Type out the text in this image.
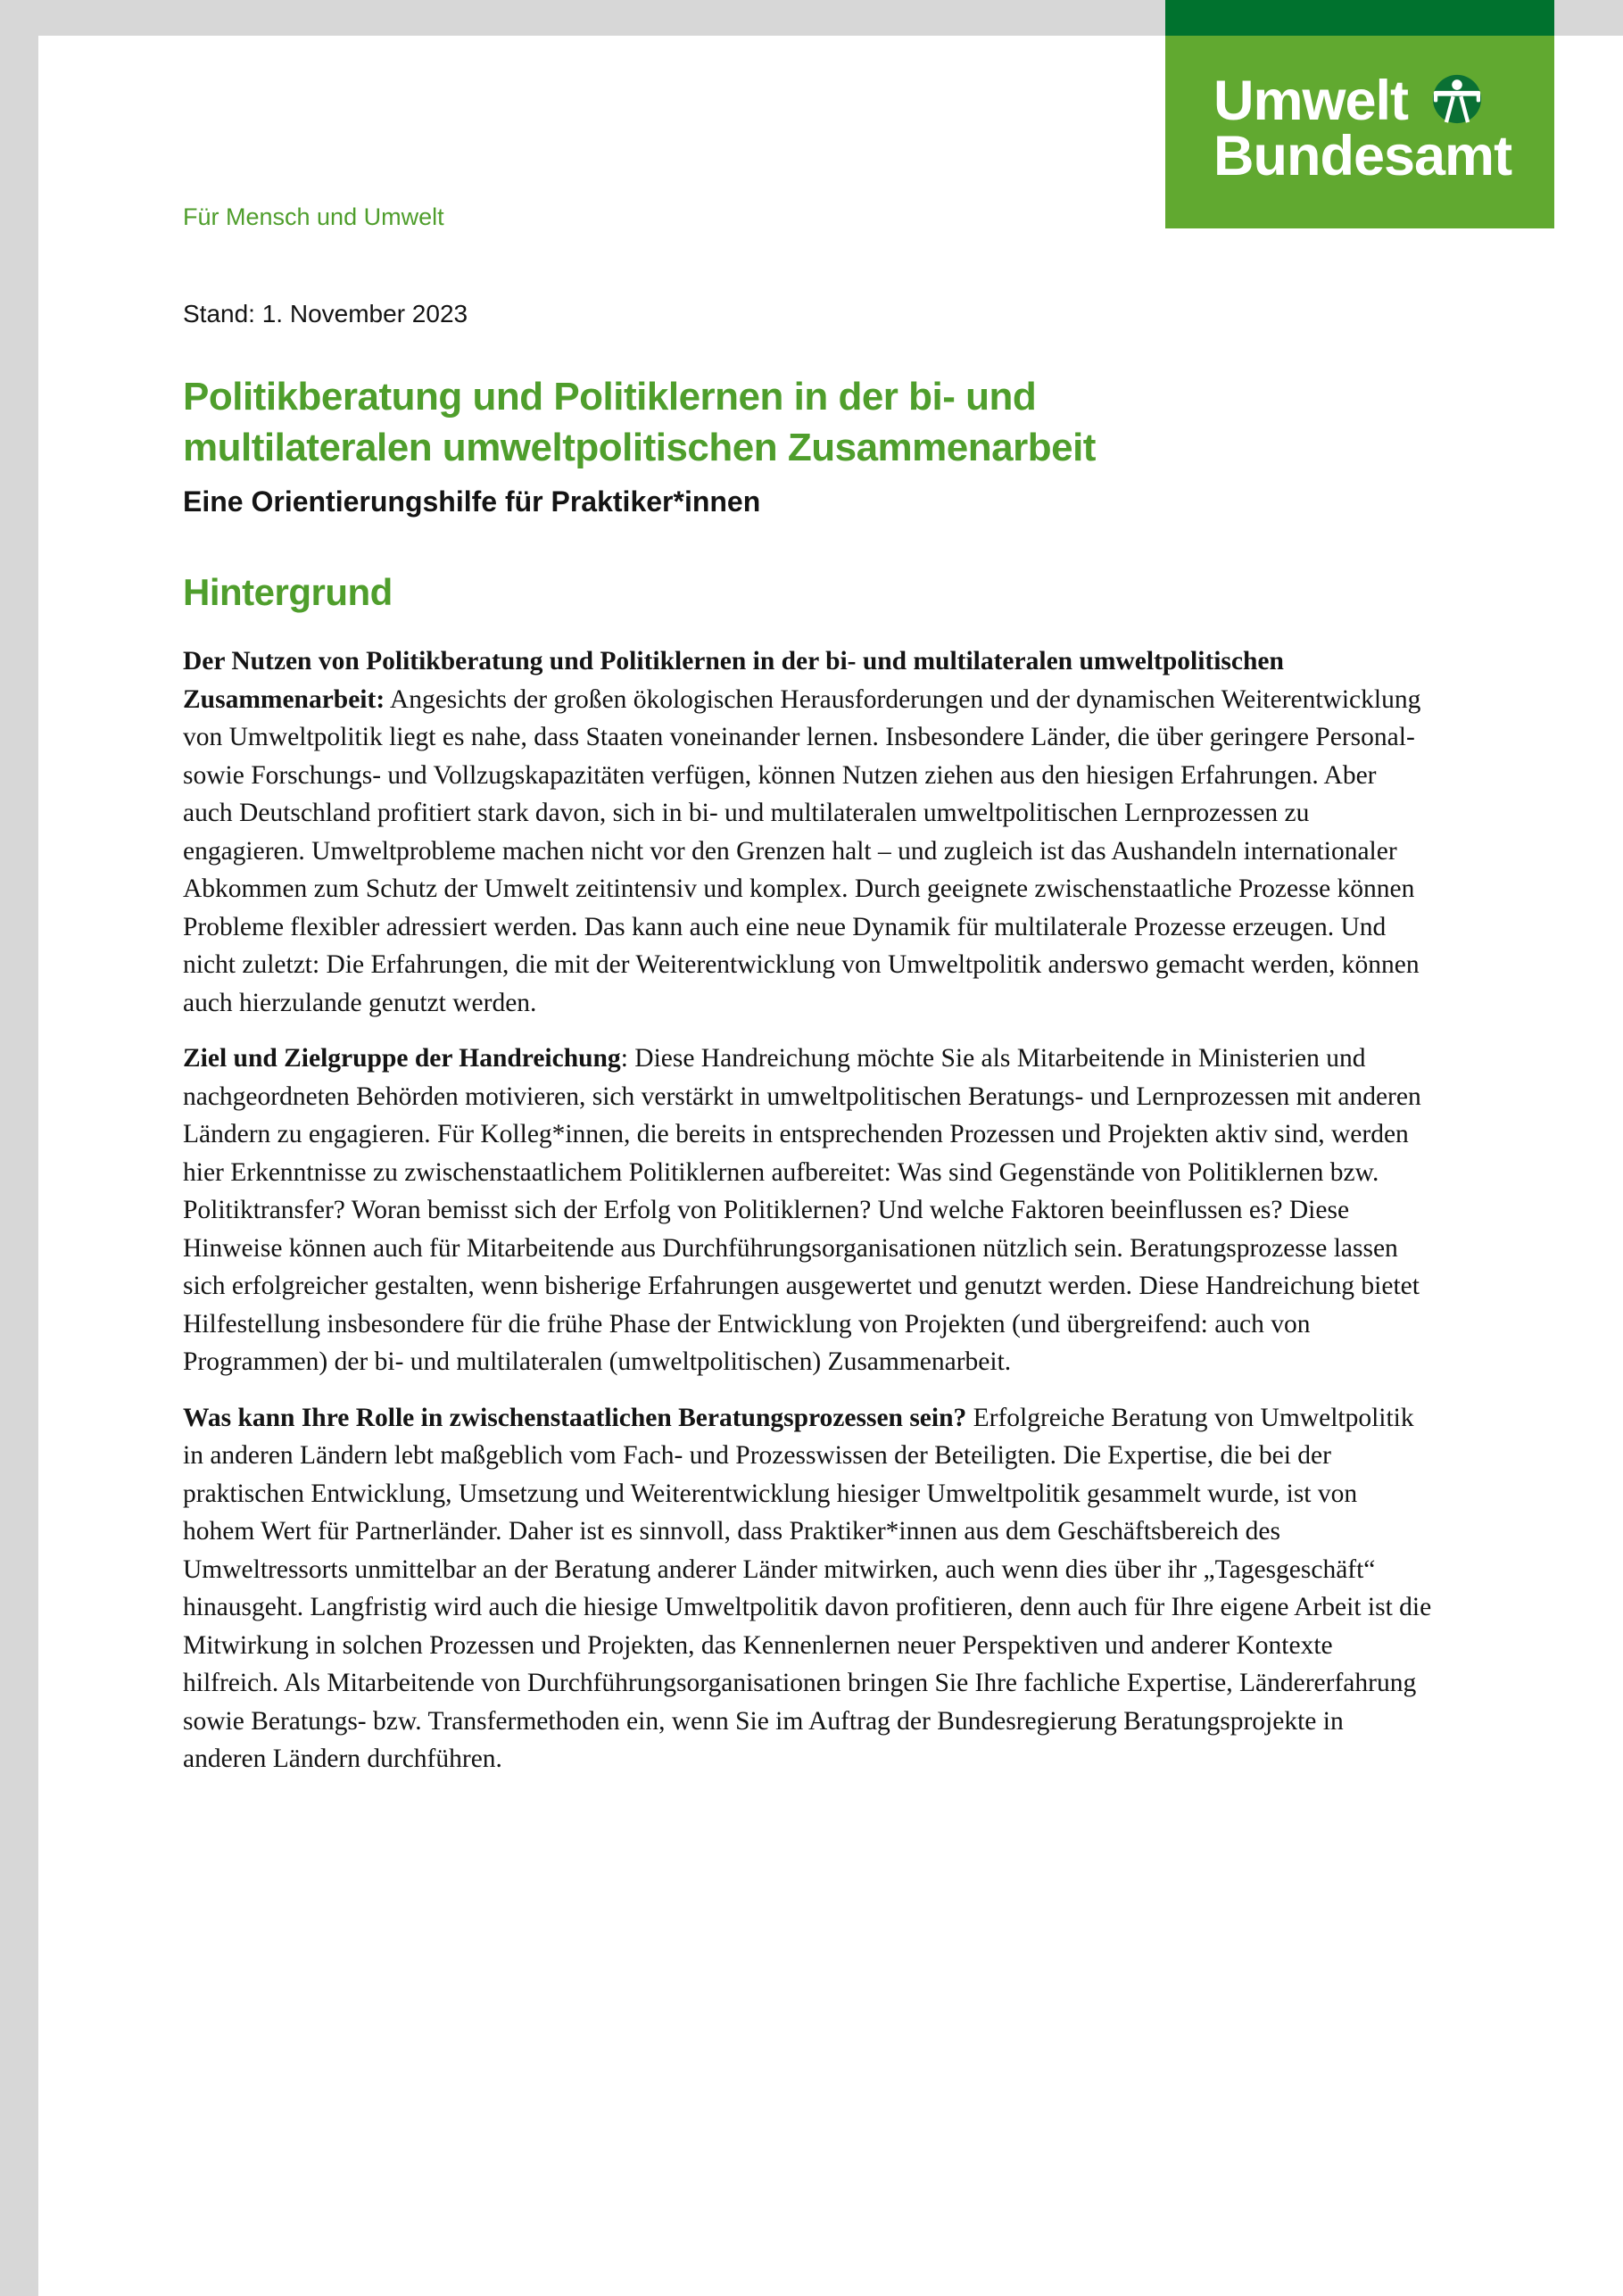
Für Mensch und Umwelt
Stand: 1. November 2023
Politikberatung und Politiklernen in der bi- und
multilateralen umweltpolitischen Zusammenarbeit
Eine Orientierungshilfe für Praktiker*innen
Hintergrund

Der Nutzen von Politikberatung und Politiklernen in der bi- und multilateralen umweltpolitischen Zusammenarbeit: Angesichts der großen ökologischen Herausforderungen und der dynamischen Weiterentwicklung von Umweltpolitik liegt es nahe, dass Staaten voneinander lernen. Insbesondere Länder, die über geringere Personal- sowie Forschungs- und Vollzugskapazitäten verfügen, können Nutzen ziehen aus den hiesigen Erfahrungen. Aber auch Deutschland profitiert stark davon, sich in bi- und multilateralen umweltpolitischen Lernprozessen zu engagieren. Umweltprobleme machen nicht vor den Grenzen halt – und zugleich ist das Aushandeln internationaler Abkommen zum Schutz der Umwelt zeitintensiv und komplex. Durch geeignete zwischenstaatliche Prozesse können Probleme flexibler adressiert werden. Das kann auch eine neue Dynamik für multilaterale Prozesse erzeugen. Und nicht zuletzt: Die Erfahrungen, die mit der Weiterentwicklung von Umweltpolitik anderswo gemacht werden, können auch hierzulande genutzt werden.

Ziel und Zielgruppe der Handreichung: Diese Handreichung möchte Sie als Mitarbeitende in Ministerien und nachgeordneten Behörden motivieren, sich verstärkt in umweltpolitischen Beratungs- und Lernprozessen mit anderen Ländern zu engagieren. Für Kolleg*innen, die bereits in entsprechenden Prozessen und Projekten aktiv sind, werden hier Erkenntnisse zu zwischenstaatlichem Politiklernen aufbereitet: Was sind Gegenstände von Politiklernen bzw. Politiktransfer? Woran bemisst sich der Erfolg von Politiklernen? Und welche Faktoren beeinflussen es? Diese Hinweise können auch für Mitarbeitende aus Durchführungsorganisationen nützlich sein. Beratungsprozesse lassen sich erfolgreicher gestalten, wenn bisherige Erfahrungen ausgewertet und genutzt werden. Diese Handreichung bietet Hilfestellung insbesondere für die frühe Phase der Entwicklung von Projekten (und übergreifend: auch von Programmen) der bi- und multilateralen (umweltpolitischen) Zusammenarbeit.

Was kann Ihre Rolle in zwischenstaatlichen Beratungsprozessen sein? Erfolgreiche Beratung von Umweltpolitik in anderen Ländern lebt maßgeblich vom Fach- und Prozesswissen der Beteiligten. Die Expertise, die bei der praktischen Entwicklung, Umsetzung und Weiterentwicklung hiesiger Umweltpolitik gesammelt wurde, ist von hohem Wert für Partnerländer. Daher ist es sinnvoll, dass Praktiker*innen aus dem Geschäftsbereich des Umweltressorts unmittelbar an der Beratung anderer Länder mitwirken, auch wenn dies über ihr „Tagesgeschäft“ hinausgeht. Langfristig wird auch die hiesige Umweltpolitik davon profitieren, denn auch für Ihre eigene Arbeit ist die Mitwirkung in solchen Prozessen und Projekten, das Kennenlernen neuer Perspektiven und anderer Kontexte hilfreich. Als Mitarbeitende von Durchführungsorganisationen bringen Sie Ihre fachliche Expertise, Ländererfahrung sowie Beratungs- bzw. Transfermethoden ein, wenn Sie im Auftrag der Bundesregierung Beratungsprojekte in anderen Ländern durchführen.

Umwelt
Bundesamt
